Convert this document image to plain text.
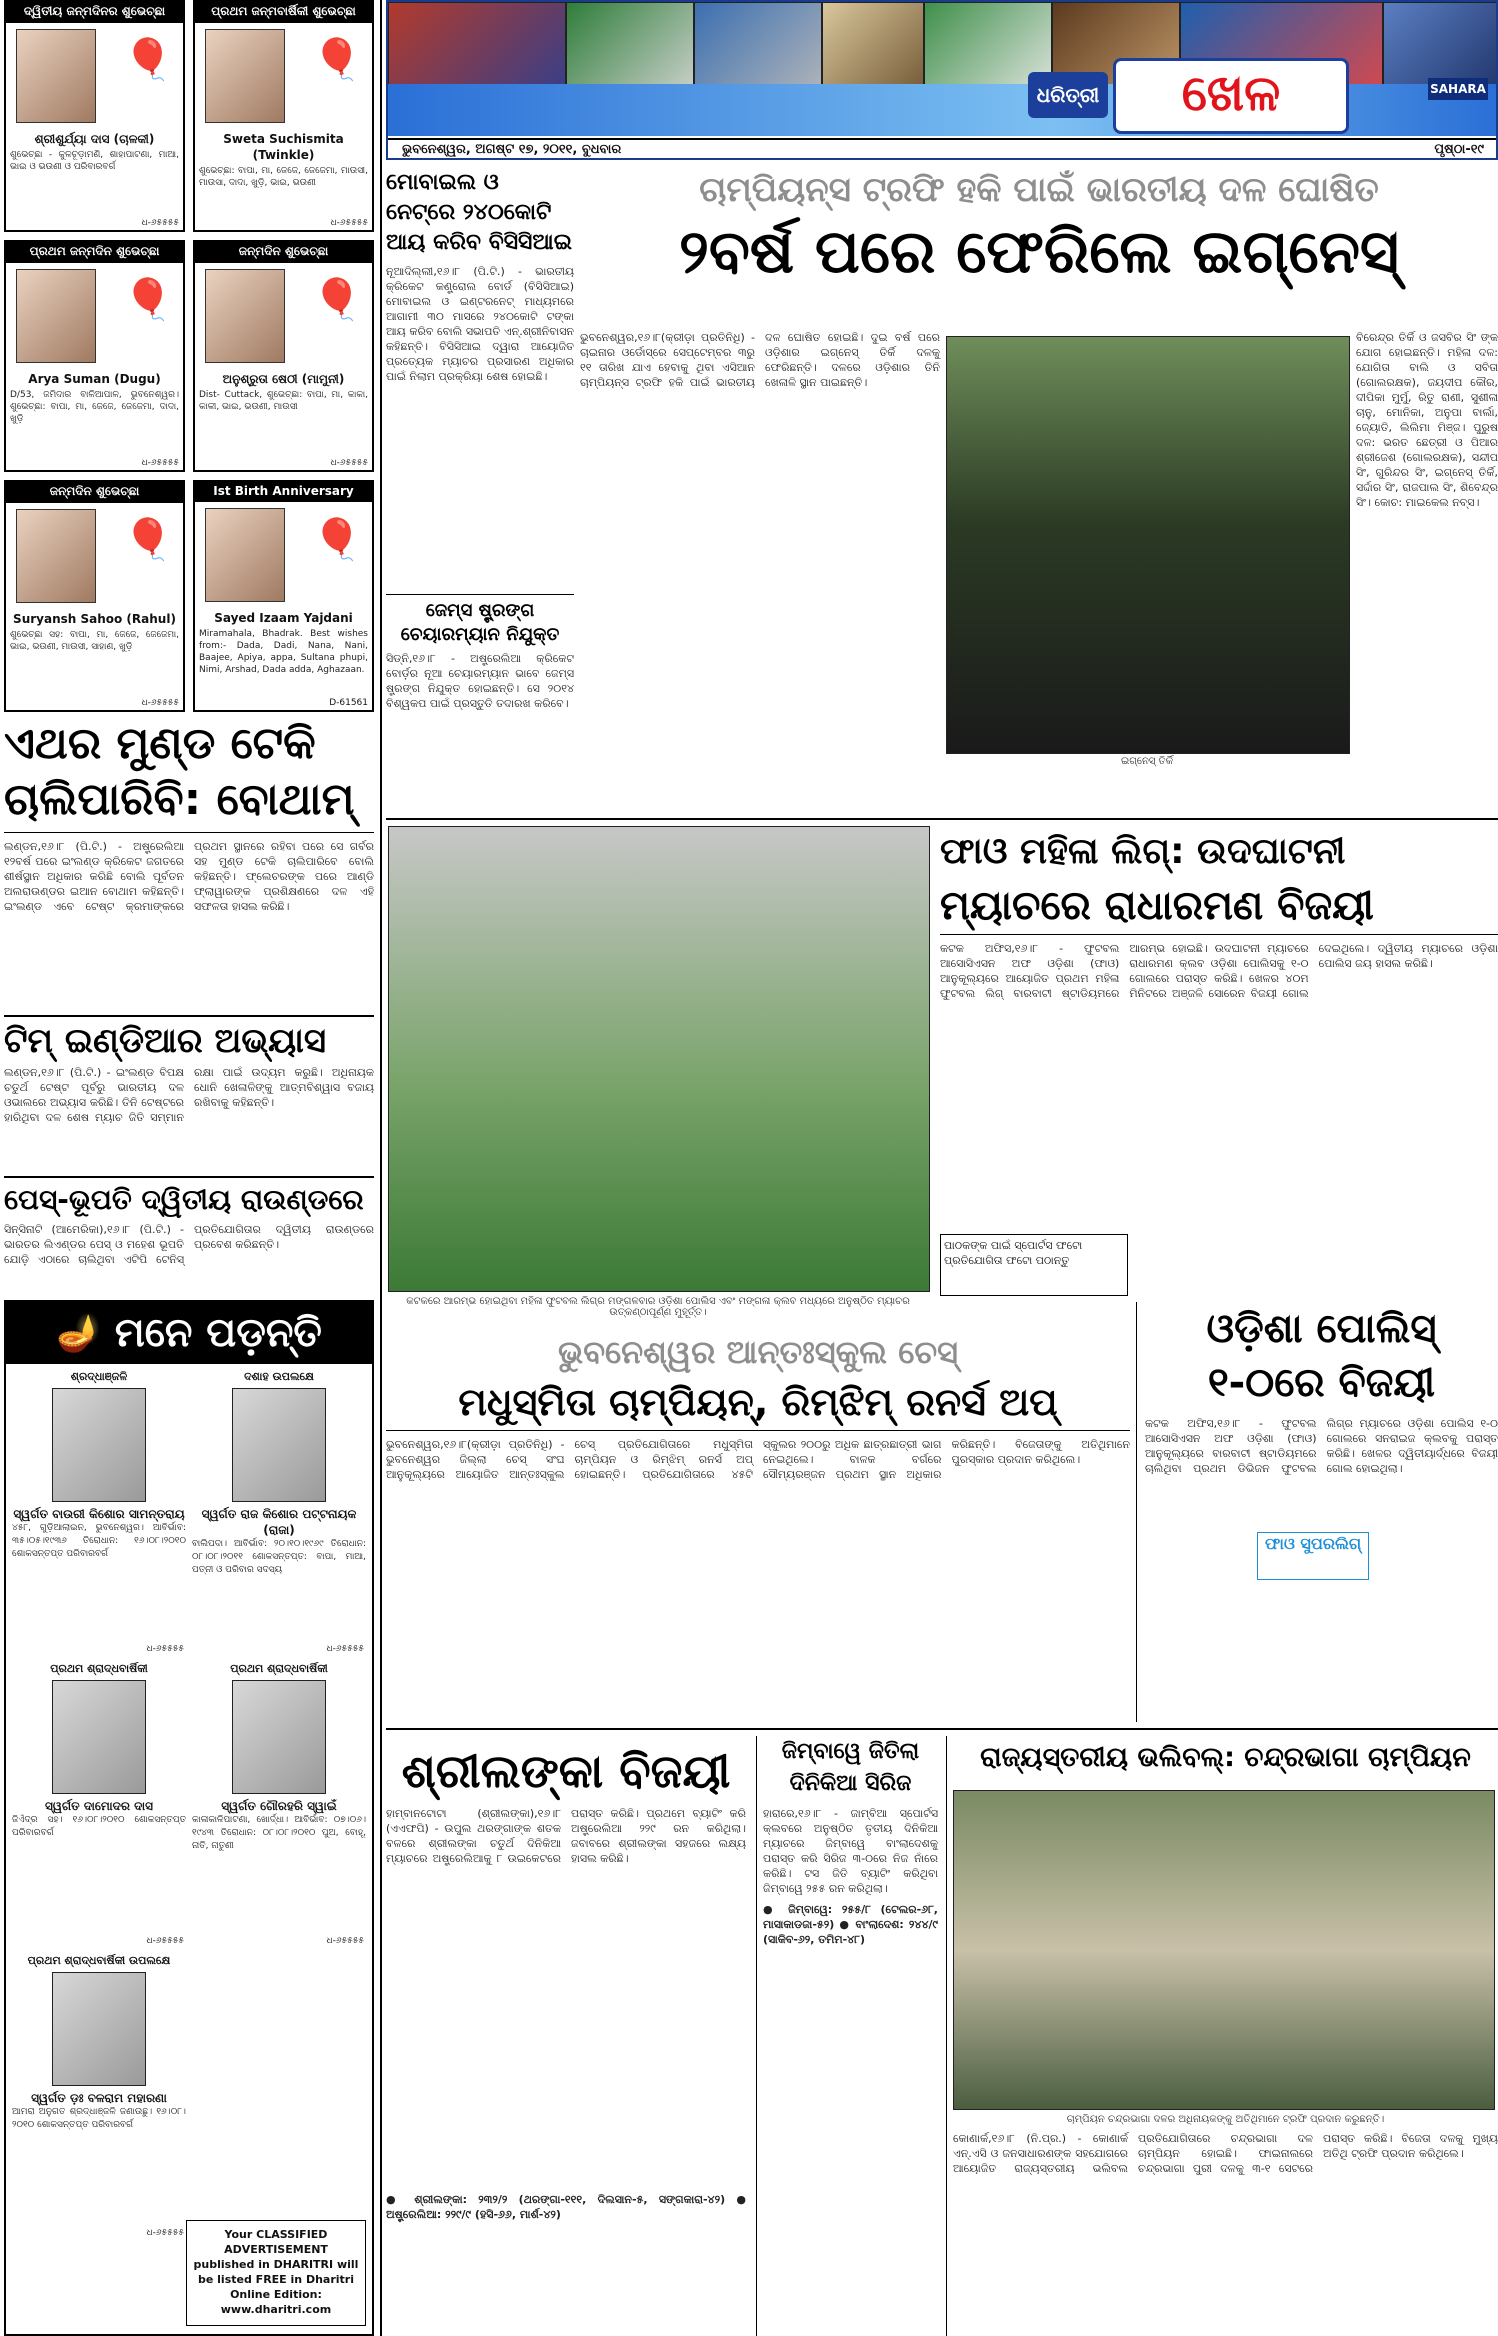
ଧରିତ୍ରୀ	ଖେଳ	SAHARA
ଭୁବନେଶ୍ୱର, ଅଗଷ୍ଟ ୧୭, ୨୦୧୧, ବୁଧବାର	ପୃଷ୍ଠା-୧୯
ଦ୍ୱିତୀୟ ଜନ୍ମଦିନର ଶୁଭେଚ୍ଛା
🎈
ଶ୍ରୀଶୁର୍ଯ୍ୟା ଦାସ (ଚାଳକୀ)
ଶୁଭେଚ୍ଛା - କୁଳଚୂଡ଼ାମଣି, ଶାହାପାଟଣା, ମାଆ, ଭାଇ ଓ ଭଉଣୀ ଓ ପରିବାରବର୍ଗ
ଧ-୬୫୫୫୫
ପ୍ରଥମ ଜନ୍ମବାର୍ଷିକୀ ଶୁଭେଚ୍ଛା
🎈
Sweta Suchismita (Twinkle)
ଶୁଭେଚ୍ଛା: ବାପା, ମା, ଜେଜେ, ଜେଜେମା, ମାଉସୀ, ମାଉସା, ଦାଦା, ଖୁଡ଼ି, ଭାଇ, ଭଉଣୀ
ଧ-୬୫୫୫୫
ପ୍ରଥମ ଜନ୍ମଦିନ ଶୁଭେଚ୍ଛା
🎈
Arya Suman (Dugu)
D/53, ଜମିଦାର ବାଳିଆପାଳ, ଭୁବନେଶ୍ୱର। ଶୁଭେଚ୍ଛା: ବାପା, ମା, ଜେଜେ, ଜେଜେମା, ଦାଦା, ଖୁଡ଼ି
ଧ-୬୫୫୫୫
ଜନ୍ମଦିନ ଶୁଭେଚ୍ଛା
🎈
ଅନୁଶ୍ରୁତା ଷେଠୀ (ମାମୁନୀ)
Dist- Cuttack, ଶୁଭେଚ୍ଛା: ବାପା, ମା, କାକା, କାକୀ, ଭାଇ, ଭଉଣୀ, ମାଉସୀ
ଧ-୬୫୫୫୫
ଜନ୍ମଦିନ ଶୁଭେଚ୍ଛା
🎈
Suryansh Sahoo (Rahul)
ଶୁଭେଚ୍ଛା ସହ: ବାପା, ମା, ଜେଜେ, ଜେଜେମା, ଭାଇ, ଭଉଣୀ, ମାଉସୀ, ସାହାଣ, ଖୁଡ଼ି
ଧ-୬୫୫୫୫
Ist Birth Anniversary
🎈
Sayed Izaam Yajdani
Miramahala, Bhadrak. Best wishes from:- Dada, Dadi, Nana, Nani, Baajee, Apiya, appa, Sultana phupi, Nimi, Arshad, Dada adda, Aghazaan.
D-61561
ଏଥର ମୁଣ୍ଡ ଟେକି ଚାଲିପାରିବି: ବୋଥାମ୍
ଲଣ୍ଡନ,୧୬।୮ (ପି.ଟି.) - ଅଷ୍ଟ୍ରେଲିଆ ୧୨ବର୍ଷ ପରେ ଇଂଲଣ୍ଡ କ୍ରିକେଟ ଜଗତରେ ଶୀର୍ଷସ୍ଥାନ ଅଧିକାର କରିଛି ବୋଲି ପୂର୍ବତନ ଅଲରାଉଣ୍ଡର ଇଆନ ବୋଥାମ କହିଛନ୍ତି। ଇଂଲଣ୍ଡ ଏବେ ଟେଷ୍ଟ କ୍ରମାଙ୍କରେ ପ୍ରଥମ ସ୍ଥାନରେ ରହିବା ପରେ ସେ ଗର୍ବର ସହ ମୁଣ୍ଡ ଟେକି ଚାଲିପାରିବେ ବୋଲି କହିଛନ୍ତି। ଫ୍ଲେଚରଙ୍କ ପରେ ଆଣ୍ଡି ଫ୍ଲାୱାରଙ୍କ ପ୍ରଶିକ୍ଷଣରେ ଦଳ ଏହି ସଫଳତା ହାସଲ କରିଛି।
ଟିମ୍ ଇଣ୍ଡିଆର ଅଭ୍ୟାସ
ଲଣ୍ଡନ,୧୬।୮ (ପି.ଟି.) - ଇଂଲଣ୍ଡ ବିପକ୍ଷ ଚତୁର୍ଥ ଟେଷ୍ଟ ପୂର୍ବରୁ ଭାରତୀୟ ଦଳ ଓଭାଲରେ ଅଭ୍ୟାସ କରିଛି। ତିନି ଟେଷ୍ଟରେ ହାରିଥିବା ଦଳ ଶେଷ ମ୍ୟାଚ ଜିତି ସମ୍ମାନ ରକ୍ଷା ପାଇଁ ଉଦ୍ୟମ କରୁଛି। ଅଧିନାୟକ ଧୋନି ଖେଳାଳିଙ୍କୁ ଆତ୍ମବିଶ୍ୱାସ ବଜାୟ ରଖିବାକୁ କହିଛନ୍ତି।
ପେସ୍-ଭୂପତି ଦ୍ୱିତୀୟ ରାଉଣ୍ଡରେ
ସିନ୍‌ସିନାଟି (ଆମେରିକା),୧୬।୮ (ପି.ଟି.) - ଭାରତର ଲିଏଣ୍ଡର ପେସ୍ ଓ ମହେଶ ଭୂପତି ଯୋଡ଼ି ଏଠାରେ ଚାଲିଥିବା ଏଟିପି ଟେନିସ୍ ପ୍ରତିଯୋଗିତାର ଦ୍ୱିତୀୟ ରାଉଣ୍ଡରେ ପ୍ରବେଶ କରିଛନ୍ତି।
🪔 ମନେ ପଡ଼ନ୍ତି
ଶ୍ରଦ୍ଧାଞ୍ଜଳି
ସ୍ୱର୍ଗତ ବାଉରୀ କିଶୋର ସାମନ୍ତରାୟ
୪୫୮, ଗୁଡ଼ିଆଲାଇନ, ଭୁବନେଶ୍ୱର। ଆବିର୍ଭାବ: ୩୫।୦୫।୧୯୩୬ ତିରୋଧାନ: ୧୬।୦୮।୨୦୧୦ ଶୋକସନ୍ତପ୍ତ ପରିବାରବର୍ଗ
ଧ-୬୫୫୫୫
ଦଶାହ ଉପଲକ୍ଷେ
ସ୍ୱର୍ଗତ ରାଜ କିଶୋର ପଟ୍ଟନାୟକ (ରାଜା)
ବାଲିପଦା। ଆବିର୍ଭାବ: ୨୦।୧୦।୧୯୬୯ ତିରୋଧାନ: ୦୮।୦୮।୨୦୧୧ ଶୋକସନ୍ତପ୍ତ: ବାପା, ମାଆ, ପତ୍ନୀ ଓ ପରିବାର ସଦସ୍ୟ
ଧ-୬୫୫୫୫
ପ୍ରଥମ ଶ୍ରାଦ୍ଧବାର୍ଷିକୀ
ସ୍ୱର୍ଗତ ଦାମୋଦର ଦାସ
ଜିଏଁଦ୍ର ସହ। ୧୬।୦୮।୨୦୧୦ ଶୋକସନ୍ତପ୍ତ ପରିବାରବର୍ଗ
ଧ-୬୫୫୫୫
ପ୍ରଥମ ଶ୍ରାଦ୍ଧବାର୍ଷିକୀ
ସ୍ୱର୍ଗତ ଗୌରହରି ସ୍ୱାଇଁ
କାଳାକାଳିପାଟଣା, ଖୋର୍ଦ୍ଧା। ଆବିର୍ଭାବ: ୦୭।୦୬।୧୯୪୩ ତିରୋଧାନ: ୦୮।୦୮।୨୦୧୦ ପୁଅ, ବୋହୂ, ନାତି, ନାତୁଣୀ
ଧ-୬୫୫୫୫
ପ୍ରଥମ ଶ୍ରାଦ୍ଧବାର୍ଷିକୀ ଉପଲକ୍ଷେ
ସ୍ୱର୍ଗତ ଡ଼ଃ ବଳରାମ ମହାରଣା
ଆମରା ଅନୁଗତ ଶ୍ରଦ୍ଧାଞ୍ଜଳି ଜଣାଉଛୁ। ୧୬।୦୮।୨୦୧୦ ଶୋକସନ୍ତପ୍ତ ପରିବାରବର୍ଗ
ଧ-୬୫୫୫୫	Your CLASSIFIED ADVERTISEMENT published in DHARITRI will be listed FREE in Dharitri Online Edition: www.dharitri.com
ମୋବାଇଲ ଓ ନେଟ୍‌ରେ ୨୪୦କୋଟି ଆୟ କରିବ ବିସିସିଆଇ
ନୂଆଦିଲ୍ଲୀ,୧୬।୮ (ପି.ଟି.) - ଭାରତୀୟ କ୍ରିକେଟ କଣ୍ଟ୍ରୋଲ ବୋର୍ଡ (ବିସିସିଆଇ) ମୋବାଇଲ ଓ ଇଣ୍ଟରନେଟ୍ ମାଧ୍ୟମରେ ଆଗାମୀ ୩୦ ମାସରେ ୨୪୦କୋଟି ଟଙ୍କା ଆୟ କରିବ ବୋଲି ସଭାପତି ଏନ୍.ଶ୍ରୀନିବାସନ କହିଛନ୍ତି। ବିସିସିଆଇ ଦ୍ୱାରା ଆୟୋଜିତ ପ୍ରତ୍ୟେକ ମ୍ୟାଚର ପ୍ରସାରଣ ଅଧିକାର ପାଇଁ ନିଲାମ ପ୍ରକ୍ରିୟା ଶେଷ ହୋଇଛି।
ଜେମ୍ସ ଷ୍ଟ୍ରଙ୍ଗ ଚେୟାରମ୍ୟାନ ନିଯୁକ୍ତ
ସିଡ୍‌ନି,୧୬।୮ - ଅଷ୍ଟ୍ରେଲିଆ କ୍ରିକେଟ ବୋର୍ଡ଼ର ନୂଆ ଚେୟାରମ୍ୟାନ ଭାବେ ଜେମ୍ସ ଷ୍ଟ୍ରଙ୍ଗ ନିଯୁକ୍ତ ହୋଇଛନ୍ତି। ସେ ୨୦୧୪ ବିଶ୍ୱକପ ପାଇଁ ପ୍ରସ୍ତୁତି ତଦାରଖ କରିବେ।
ଚାମ୍ପିୟନ୍ସ ଟ୍ରଫି ହକି ପାଇଁ ଭାରତୀୟ ଦଳ ଘୋଷିତ
୨ବର୍ଷ ପରେ ଫେରିଲେ ଇଗ୍ନେସ୍
ଭୁବନେଶ୍ୱର,୧୬।୮(କ୍ରୀଡ଼ା ପ୍ରତିନିଧି) - ଚାଇନାର ଓର୍ଡୋସ୍‌ରେ ସେପ୍ଟେମ୍ବର ୩ରୁ ୧୧ ତାରିଖ ଯାଏ ହେବାକୁ ଥିବା ଏସିଆନ ଚାମ୍ପିୟନ୍ସ ଟ୍ରଫି ହକି ପାଇଁ ଭାରତୀୟ ଦଳ ଘୋଷିତ ହୋଇଛି। ଦୁଇ ବର୍ଷ ପରେ ଓଡ଼ିଶାର ଇଗ୍ନେସ୍ ତିର୍କି ଦଳକୁ ଫେରିଛନ୍ତି। ଦଳରେ ଓଡ଼ିଶାର ତିନି ଖେଳାଳି ସ୍ଥାନ ପାଇଛନ୍ତି।
ଇଗ୍ନେସ୍ ତିର୍କି
ବିରେନ୍ଦ୍ର ତିର୍କି ଓ ଜସବିର ସିଂ ଙ୍କ ଯୋଗ ହୋଇଛନ୍ତି। ମହିଳା ଦଳ: ଯୋଗିତା ବାଲି ଓ ସବିତା (ଗୋଲରକ୍ଷକ), ଜୟଦୀପ କୌର, ଦୀପିକା ମୁର୍ମୁ, ରିତୁ ରାଣୀ, ସୁଶୀଳା ଚାନୁ, ମୋନିକା, ଅନୁପା ବାର୍ଲା, ଜ୍ୟୋତି, ଲିଲିମା ମିଞ୍ଜ। ପୁରୁଷ ଦଳ: ଭରତ ଛେତ୍ରୀ ଓ ପିଆର ଶ୍ରୀଜେଶ (ଗୋଲରକ୍ଷକ), ସନ୍ଦୀପ ସିଂ, ଗୁରିନ୍ଦର ସିଂ, ଇଗ୍ନେସ୍ ତିର୍କି, ସର୍ଦ୍ଦାର ସିଂ, ରାଜପାଲ ସିଂ, ଶିବେନ୍ଦ୍ର ସିଂ। କୋଚ: ମାଇକେଲ ନବ୍ସ।
କଟକରେ ଆରମ୍ଭ ହୋଇଥିବା ମହିଳା ଫୁଟବଲ ଲିଗ୍‌ର ମଙ୍ଗଳବାର ଓଡ଼ିଶା ପୋଲିସ ଏବଂ ମଙ୍ଗଳା କ୍ଲବ ମଧ୍ୟରେ ଅନୁଷ୍ଠିତ ମ୍ୟାଚର ଉତ୍କଣ୍ଠାପୂର୍ଣ୍ଣ ମୁହୂର୍ତ୍ତ।
ଫାଓ ମହିଳା ଲିଗ୍: ଉଦଘାଟନୀ
ମ୍ୟାଚରେ ରାଧାରମଣ ବିଜୟୀ
କଟକ ଅଫିସ,୧୬।୮ - ଫୁଟବଲ ଆସୋସିଏସନ ଅଫ ଓଡ଼ିଶା (ଫାଓ) ଆନୁକୂଲ୍ୟରେ ଆୟୋଜିତ ପ୍ରଥମ ମହିଳା ଫୁଟବଲ ଲିଗ୍ ବାରବାଟୀ ଷ୍ଟାଡିୟମରେ ଆରମ୍ଭ ହୋଇଛି। ଉଦଘାଟନୀ ମ୍ୟାଚରେ ରାଧାରମଣ କ୍ଲବ ଓଡ଼ିଶା ପୋଲିସକୁ ୧-୦ ଗୋଲରେ ପରାସ୍ତ କରିଛି। ଖେଳର ୪୦ମ ମିନିଟରେ ଅଞ୍ଜଳି ସୋରେନ ବିଜୟୀ ଗୋଲ ଦେଇଥିଲେ। ଦ୍ୱିତୀୟ ମ୍ୟାଚରେ ଓଡ଼ିଶା ପୋଲିସ ଜୟ ହାସଲ କରିଛି।
ପାଠକଙ୍କ ପାଇଁ ସ୍ପୋର୍ଟସ ଫଟୋ ପ୍ରତିଯୋଗିତା ଫଟୋ ପଠାନ୍ତୁ
ଓଡ଼ିଶା ପୋଲିସ୍
୧-୦ରେ ବିଜୟୀ
କଟକ ଅଫିସ,୧୬।୮ - ଫୁଟବଲ ଆସୋସିଏସନ ଅଫ ଓଡ଼ିଶା (ଫାଓ) ଆନୁକୂଲ୍ୟରେ ବାରବାଟୀ ଷ୍ଟାଡିୟମରେ ଚାଲିଥିବା ପ୍ରଥମ ଡିଭିଜନ ଫୁଟବଲ ଲିଗ୍‌ର ମ୍ୟାଚରେ ଓଡ଼ିଶା ପୋଲିସ ୧-୦ ଗୋଲରେ ସନରାଇଜ କ୍ଲବକୁ ପରାସ୍ତ କରିଛି। ଖେଳର ଦ୍ୱିତୀୟାର୍ଦ୍ଧରେ ବିଜୟୀ ଗୋଲ ହୋଇଥିଲା।
ଫାଓ ସୁପରଲିଗ୍
ଭୁବନେଶ୍ୱର ଆନ୍ତଃସ୍କୁଲ ଚେସ୍
ମଧୁସ୍ମିତା ଚାମ୍ପିୟନ୍, ରିମ୍‌ଝିମ୍ ରନର୍ସ ଅପ୍
ଭୁବନେଶ୍ୱର,୧୬।୮(କ୍ରୀଡ଼ା ପ୍ରତିନିଧି) - ଭୁବନେଶ୍ୱର ଜିଲ୍ଲା ଚେସ୍ ସଂଘ ଆନୁକୂଲ୍ୟରେ ଆୟୋଜିତ ଆନ୍ତଃସ୍କୁଲ ଚେସ୍ ପ୍ରତିଯୋଗିତାରେ ମଧୁସ୍ମିତା ଚାମ୍ପିୟନ ଓ ରିମ୍‌ଝିମ୍ ରନର୍ସ ଅପ୍ ହୋଇଛନ୍ତି। ପ୍ରତିଯୋଗିତାରେ ୪୫ଟି ସ୍କୁଲର ୨୦୦ରୁ ଅଧିକ ଛାତ୍ରଛାତ୍ରୀ ଭାଗ ନେଇଥିଲେ। ବାଳକ ବର୍ଗରେ ସୌମ୍ୟରଞ୍ଜନ ପ୍ରଥମ ସ୍ଥାନ ଅଧିକାର କରିଛନ୍ତି। ବିଜେତାଙ୍କୁ ଅତିଥିମାନେ ପୁରସ୍କାର ପ୍ରଦାନ କରିଥିଲେ।
ଶ୍ରୀଲଙ୍କା ବିଜୟୀ
ହାମ୍ବାନଟୋଟା (ଶ୍ରୀଲଙ୍କା),୧୬।୮ (ଏଏଫପି) - ଉପୁଲ ଥରଙ୍ଗାଙ୍କ ଶତକ ବଳରେ ଶ୍ରୀଲଙ୍କା ଚତୁର୍ଥ ଦିନିକିଆ ମ୍ୟାଚରେ ଅଷ୍ଟ୍ରେଲିଆକୁ ୮ ଉଇକେଟରେ ପରାସ୍ତ କରିଛି। ପ୍ରଥମେ ବ୍ୟାଟିଂ କରି ଅଷ୍ଟ୍ରେଲିଆ ୨୨୯ ରନ କରିଥିଲା। ଜବାବରେ ଶ୍ରୀଲଙ୍କା ସହଜରେ ଲକ୍ଷ୍ୟ ହାସଲ କରିଛି।
● ଶ୍ରୀଲଙ୍କା: ୨୩୨/୨ (ଥରଙ୍ଗା-୧୧୧, ଦିଲସାନ-୫, ସଙ୍ଗକାରା-୪୨) ● ଅଷ୍ଟ୍ରେଲିଆ: ୨୨୯/୯ (ହସି-୬୬, ମାର୍ଶ-୪୨)
ଜିମ୍ବାୱେ ଜିତିଲା ଦିନିକିଆ ସିରିଜ
ହାରାରେ,୧୬।୮ - ଜାମ୍ବିଆ ସ୍ପୋର୍ଟସ କ୍ଲବରେ ଅନୁଷ୍ଠିତ ତୃତୀୟ ଦିନିକିଆ ମ୍ୟାଚରେ ଜିମ୍ବାୱେ ବାଂଲାଦେଶକୁ ପରାସ୍ତ କରି ସିରିଜ ୩-୦ରେ ନିଜ ନାଁରେ କରିଛି। ଟସ ଜିତି ବ୍ୟାଟିଂ କରିଥିବା ଜିମ୍ବାୱେ ୨୫୫ ରନ କରିଥିଲା।
● ଜିମ୍ବାୱେ: ୨୫୫/୮ (ଟେଲର-୬୮, ମାସାକାଡଜା-୫୨) ● ବାଂଲାଦେଶ: ୨୪୪/୯ (ସାକିବ-୬୨, ତମିମ-୪୮)
ରାଜ୍ୟସ୍ତରୀୟ ଭଲିବଲ୍: ଚନ୍ଦ୍ରଭାଗା ଚାମ୍ପିୟନ
ଚାମ୍ପିୟନ ଚନ୍ଦ୍ରଭାଗା ଦଳର ଅଧିନାୟକଙ୍କୁ ଅତିଥିମାନେ ଟ୍ରଫି ପ୍ରଦାନ କରୁଛନ୍ତି।
କୋଣାର୍କ,୧୬।୮ (ନି.ପ୍ର.) - କୋଣାର୍କ ଏନ୍.ଏସି ଓ ଜନସାଧାରଣଙ୍କ ସହଯୋଗରେ ଆୟୋଜିତ ରାଜ୍ୟସ୍ତରୀୟ ଭଲିବଲ ପ୍ରତିଯୋଗିତାରେ ଚନ୍ଦ୍ରଭାଗା ଦଳ ଚାମ୍ପିୟନ ହୋଇଛି। ଫାଇନାଲରେ ଚନ୍ଦ୍ରଭାଗା ପୁରୀ ଦଳକୁ ୩-୧ ସେଟରେ ପରାସ୍ତ କରିଛି। ବିଜେତା ଦଳକୁ ମୁଖ୍ୟ ଅତିଥି ଟ୍ରଫି ପ୍ରଦାନ କରିଥିଲେ।
